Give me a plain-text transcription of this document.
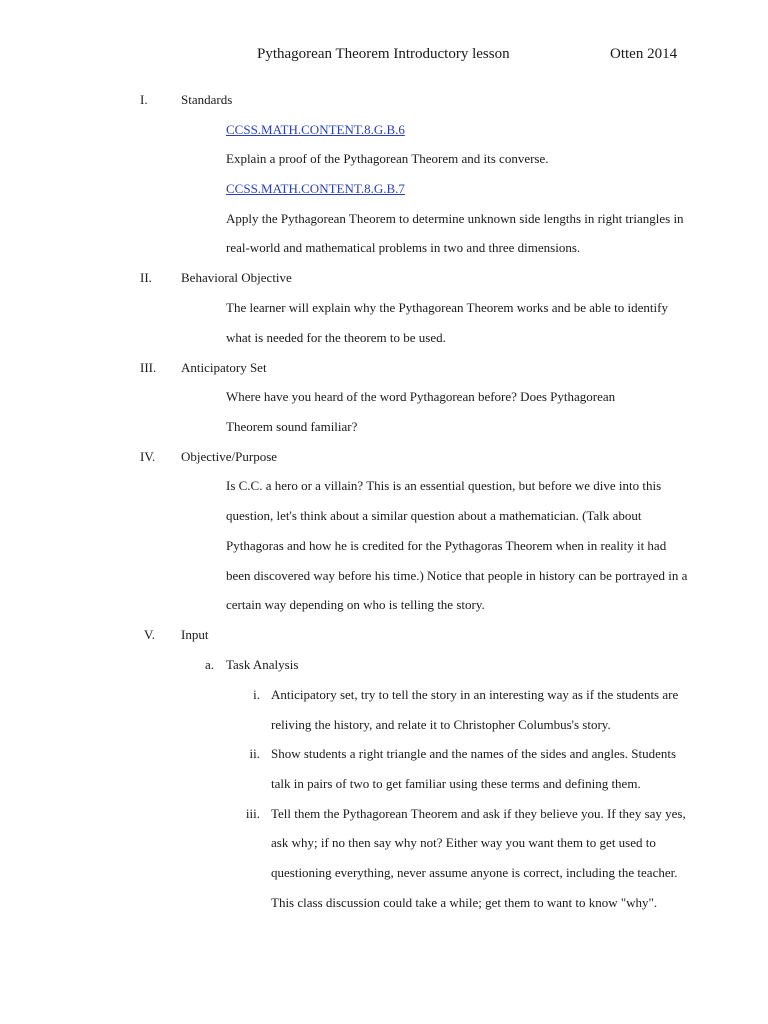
Pythagorean Theorem Introductory lesson	Otten 2014
I.	Standards
CCSS.MATH.CONTENT.8.G.B.6
Explain a proof of the Pythagorean Theorem and its converse.
CCSS.MATH.CONTENT.8.G.B.7
Apply the Pythagorean Theorem to determine unknown side lengths in right triangles in
real-world and mathematical problems in two and three dimensions.
II.	Behavioral Objective
The learner will explain why the Pythagorean Theorem works and be able to identify
what is needed for the theorem to be used.
III.	Anticipatory Set
Where have you heard of the word Pythagorean before? Does Pythagorean
Theorem sound familiar?
IV.	Objective/Purpose
Is C.C. a hero or a villain? This is an essential question, but before we dive into this
question, let's think about a similar question about a mathematician. (Talk about
Pythagoras and how he is credited for the Pythagoras Theorem when in reality it had
been discovered way before his time.) Notice that people in history can be portrayed in a
certain way depending on who is telling the story.
V.	Input
a. Task Analysis
i. Anticipatory set, try to tell the story in an interesting way as if the students are
reliving the history, and relate it to Christopher Columbus's story.
ii. Show students a right triangle and the names of the sides and angles. Students
talk in pairs of two to get familiar using these terms and defining them.
iii. Tell them the Pythagorean Theorem and ask if they believe you. If they say yes,
ask why; if no then say why not? Either way you want them to get used to
questioning everything, never assume anyone is correct, including the teacher.
This class discussion could take a while; get them to want to know "why".
